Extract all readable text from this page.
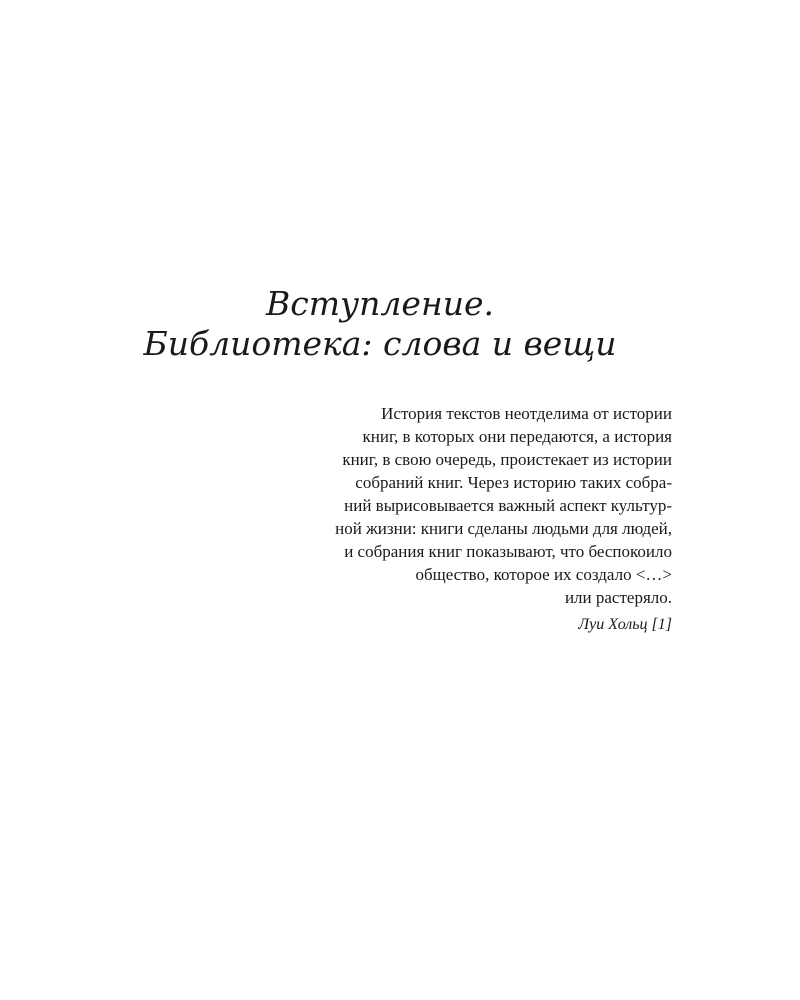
Вступление.
Библиотека: слова и вещи
История текстов неотделима от истории
книг, в которых они передаются, а история
книг, в свою очередь, проистекает из истории
собраний книг. Через историю таких собра-
ний вырисовывается важный аспект культур-
ной жизни: книги сделаны людьми для людей,
и собрания книг показывают, что беспокоило
общество, которое их создало <…>
или растеряло.
Луи Хольц [1]
